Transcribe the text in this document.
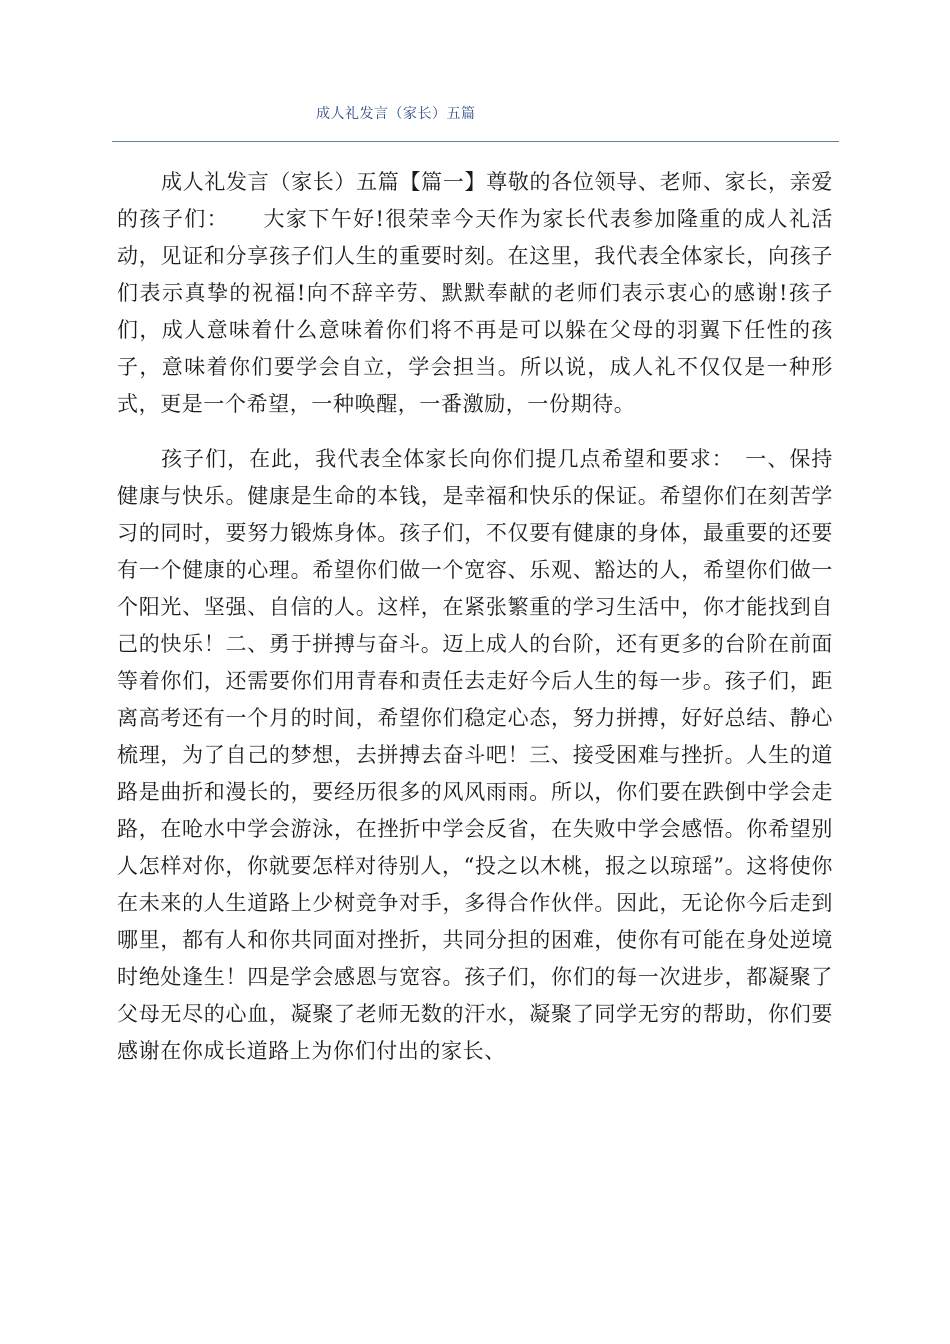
成人礼发言（家长）五篇

成人礼发言（家长）五篇【篇一】尊敬的各位领导、老师、家长，亲爱的孩子们：　　大家下午好!很荣幸今天作为家长代表参加隆重的成人礼活动，见证和分享孩子们人生的重要时刻。在这里，我代表全体家长，向孩子们表示真挚的祝福!向不辞辛劳、默默奉献的老师们表示衷心的感谢!孩子们，成人意味着什么意味着你们将不再是可以躲在父母的羽翼下任性的孩子，意味着你们要学会自立，学会担当。所以说，成人礼不仅仅是一种形式，更是一个希望，一种唤醒，一番激励，一份期待。

孩子们，在此，我代表全体家长向你们提几点希望和要求：　一、保持健康与快乐。健康是生命的本钱，是幸福和快乐的保证。希望你们在刻苦学习的同时，要努力锻炼身体。孩子们，不仅要有健康的身体，最重要的还要有一个健康的心理。希望你们做一个宽容、乐观、豁达的人，希望你们做一个阳光、坚强、自信的人。这样，在紧张繁重的学习生活中，你才能找到自己的快乐！二、勇于拼搏与奋斗。迈上成人的台阶，还有更多的台阶在前面等着你们，还需要你们用青春和责任去走好今后人生的每一步。孩子们，距离高考还有一个月的时间，希望你们稳定心态，努力拼搏，好好总结、静心梳理，为了自己的梦想，去拼搏去奋斗吧！三、接受困难与挫折。人生的道路是曲折和漫长的，要经历很多的风风雨雨。所以，你们要在跌倒中学会走路，在呛水中学会游泳，在挫折中学会反省，在失败中学会感悟。你希望别人怎样对你，你就要怎样对待别人，“投之以木桃，报之以琼瑶”。这将使你在未来的人生道路上少树竞争对手，多得合作伙伴。因此，无论你今后走到哪里，都有人和你共同面对挫折，共同分担的困难，使你有可能在身处逆境时绝处逢生！四是学会感恩与宽容。孩子们，你们的每一次进步，都凝聚了父母无尽的心血，凝聚了老师无数的汗水，凝聚了同学无穷的帮助，你们要感谢在你成长道路上为你们付出的家长、
